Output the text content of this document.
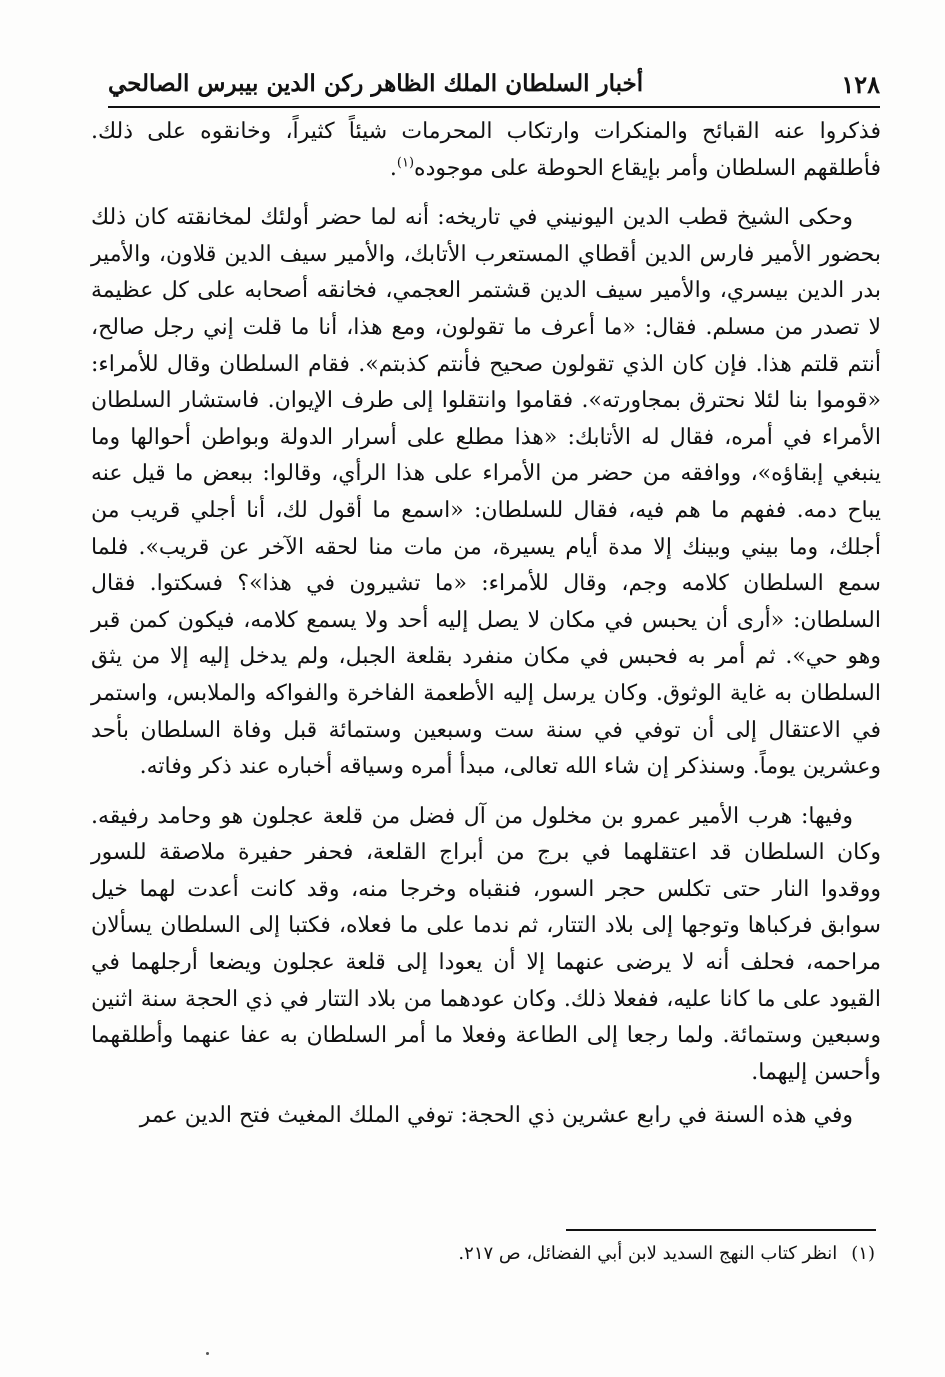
١٢٨
أخبار السلطان الملك الظاهر ركن الدين بيبرس الصالحي

فذكروا عنه القبائح والمنكرات وارتكاب المحرمات شيئاً كثيراً، وخانقوه على ذلك. فأطلقهم السلطان وأمر بإيقاع الحوطة على موجوده$^{(١)}$.

وحكى الشيخ قطب الدين اليونيني في تاريخه: أنه لما حضر أولئك لمخانقته كان ذلك بحضور الأمير فارس الدين أقطاي المستعرب الأتابك، والأمير سيف الدين قلاون، والأمير بدر الدين بيسري، والأمير سيف الدين قشتمر العجمي، فخانقه أصحابه على كل عظيمة لا تصدر من مسلم. فقال: «ما أعرف ما تقولون، ومع هذا، أنا ما قلت إني رجل صالح، أنتم قلتم هذا. فإن كان الذي تقولون صحيح فأنتم كذبتم». فقام السلطان وقال للأمراء: «قوموا بنا لئلا نحترق بمجاورته». فقاموا وانتقلوا إلى طرف الإيوان. فاستشار السلطان الأمراء في أمره، فقال له الأتابك: «هذا مطلع على أسرار الدولة وبواطن أحوالها وما ينبغي إبقاؤه»، ووافقه من حضر من الأمراء على هذا الرأي، وقالوا: ببعض ما قيل عنه يباح دمه. ففهم ما هم فيه، فقال للسلطان: «اسمع ما أقول لك، أنا أجلي قريب من أجلك، وما بيني وبينك إلا مدة أيام يسيرة، من مات منا لحقه الآخر عن قريب». فلما سمع السلطان كلامه وجم، وقال للأمراء: «ما تشيرون في هذا»؟ فسكتوا. فقال السلطان: «أرى أن يحبس في مكان لا يصل إليه أحد ولا يسمع كلامه، فيكون كمن قبر وهو حي». ثم أمر به فحبس في مكان منفرد بقلعة الجبل، ولم يدخل إليه إلا من يثق السلطان به غاية الوثوق. وكان يرسل إليه الأطعمة الفاخرة والفواكه والملابس، واستمر في الاعتقال إلى أن توفي في سنة ست وسبعين وستمائة قبل وفاة السلطان بأحد وعشرين يوماً. وسنذكر إن شاء الله تعالى، مبدأ أمره وسياقه أخباره عند ذكر وفاته.

وفيها: هرب الأمير عمرو بن مخلول من آل فضل من قلعة عجلون هو وحامد رفيقه. وكان السلطان قد اعتقلهما في برج من أبراج القلعة، فحفر حفيرة ملاصقة للسور ووقدوا النار حتى تكلس حجر السور، فنقباه وخرجا منه، وقد كانت أعدت لهما خيل سوابق فركباها وتوجها إلى بلاد التتار، ثم ندما على ما فعلاه، فكتبا إلى السلطان يسألان مراحمه، فحلف أنه لا يرضى عنهما إلا أن يعودا إلى قلعة عجلون ويضعا أرجلهما في القيود على ما كانا عليه، ففعلا ذلك. وكان عودهما من بلاد التتار في ذي الحجة سنة اثنين وسبعين وستمائة. ولما رجعا إلى الطاعة وفعلا ما أمر السلطان به عفا عنهما وأطلقهما وأحسن إليهما.

وفي هذه السنة في رابع عشرين ذي الحجة: توفي الملك المغيث فتح الدين عمر

(١)انظر كتاب النهج السديد لابن أبي الفضائل، ص ٢١٧.
